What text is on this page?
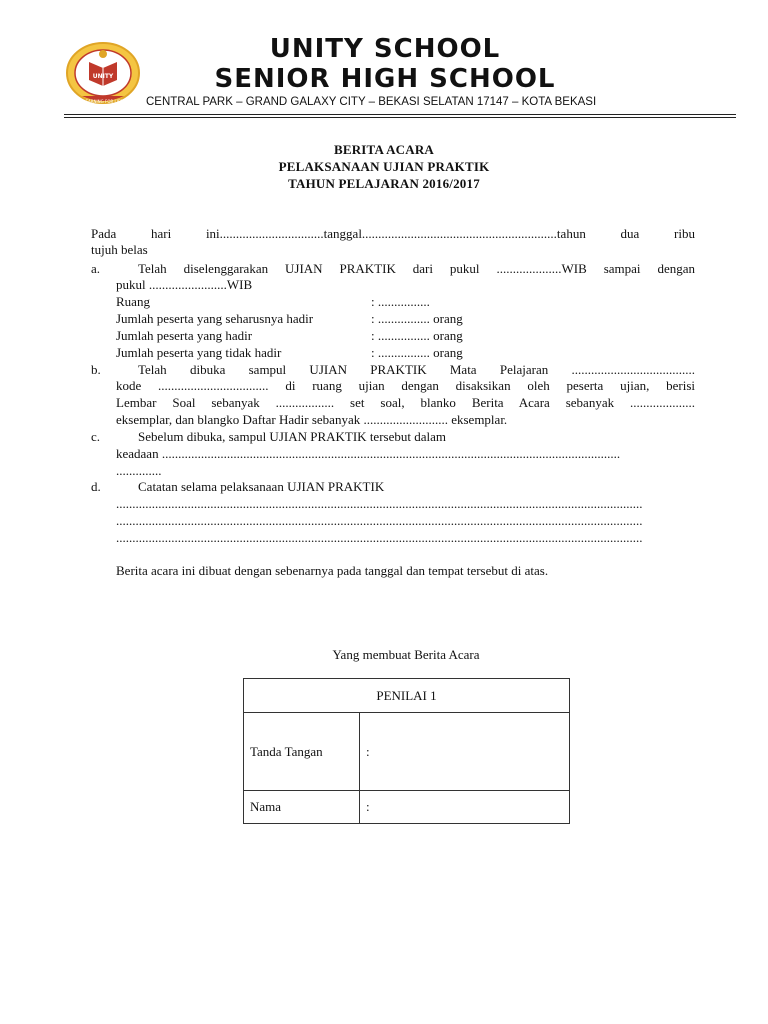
UNITY
LEARNING FOR LIFE
UNITY SCHOOL
SENIOR HIGH SCHOOL
CENTRAL PARK – GRAND GALAXY CITY – BEKASI SELATAN 17147 – KOTA BEKASI
BERITA ACARA
PELAKSANAAN UJIAN PRAKTIK
TAHUN PELAJARAN 2016/2017
Pada hari ini................................tanggal............................................................tahun dua ribu
tujuh belas
a.	Telah diselenggarakan UJIAN PRAKTIK dari pukul ....................WIB sampai dengan
pukul ........................WIB
Ruang	: ................
Jumlah peserta yang seharusnya hadir	: ................ orang
Jumlah peserta yang hadir	: ................ orang
Jumlah peserta yang tidak hadir	: ................ orang
b.	Telah dibuka sampul UJIAN PRAKTIK Mata Pelajaran ......................................
kode .................................. di ruang ujian dengan disaksikan oleh peserta ujian, berisi
Lembar Soal sebanyak .................. set soal, blanko Berita Acara sebanyak ....................
eksemplar, dan blangko Daftar Hadir sebanyak .......................... eksemplar.
c.	Sebelum dibuka, sampul UJIAN PRAKTIK tersebut dalam
keadaan .............................................................................................................................................
..............
d.	Catatan selama pelaksanaan UJIAN PRAKTIK
..................................................................................................................................................................
..................................................................................................................................................................
..................................................................................................................................................................
Berita acara ini dibuat dengan sebenarnya pada tanggal dan tempat tersebut di atas.
Yang membuat Berita Acara
PENILAI 1	
Tanda Tangan	:
Nama	:
